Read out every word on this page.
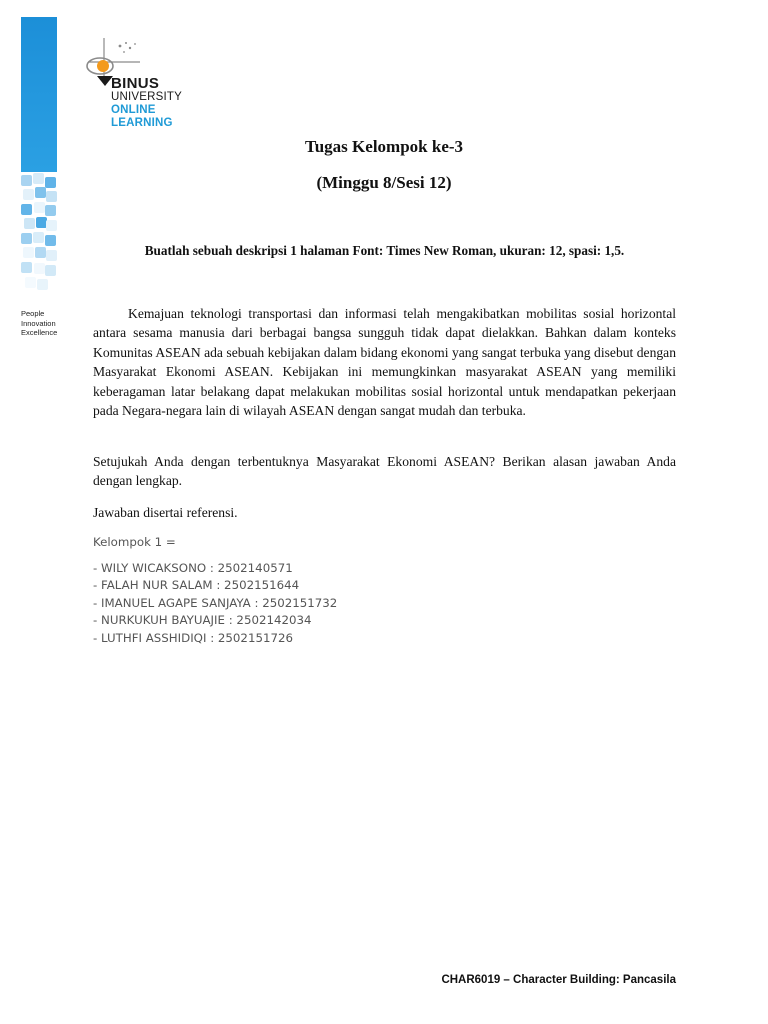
People
Innovation
Excellence
BINUS
UNIVERSITY
ONLINE
LEARNING
Tugas Kelompok ke-3
(Minggu 8/Sesi 12)
Buatlah sebuah deskripsi 1 halaman Font: Times New Roman, ukuran: 12, spasi: 1,5.

Kemajuan teknologi transportasi dan informasi telah mengakibatkan mobilitas sosial horizontal antara sesama manusia dari berbagai bangsa sungguh tidak dapat dielakkan. Bahkan dalam konteks Komunitas ASEAN ada sebuah kebijakan dalam bidang ekonomi yang sangat terbuka yang disebut dengan Masyarakat Ekonomi ASEAN. Kebijakan ini memungkinkan masyarakat ASEAN yang memiliki keberagaman latar belakang dapat melakukan mobilitas sosial horizontal untuk mendapatkan pekerjaan pada Negara-negara lain di wilayah ASEAN dengan sangat mudah dan terbuka.

Setujukah Anda dengan terbentuknya Masyarakat Ekonomi ASEAN? Berikan alasan jawaban Anda dengan lengkap.

Jawaban disertai referensi.

Kelompok 1 =
- WILY WICAKSONO : 2502140571
- FALAH NUR SALAM : 2502151644
- IMANUEL AGAPE SANJAYA : 2502151732
- NURKUKUH BAYUAJIE : 2502142034
- LUTHFI ASSHIDIQI : 2502151726
CHAR6019 – Character Building: Pancasila
